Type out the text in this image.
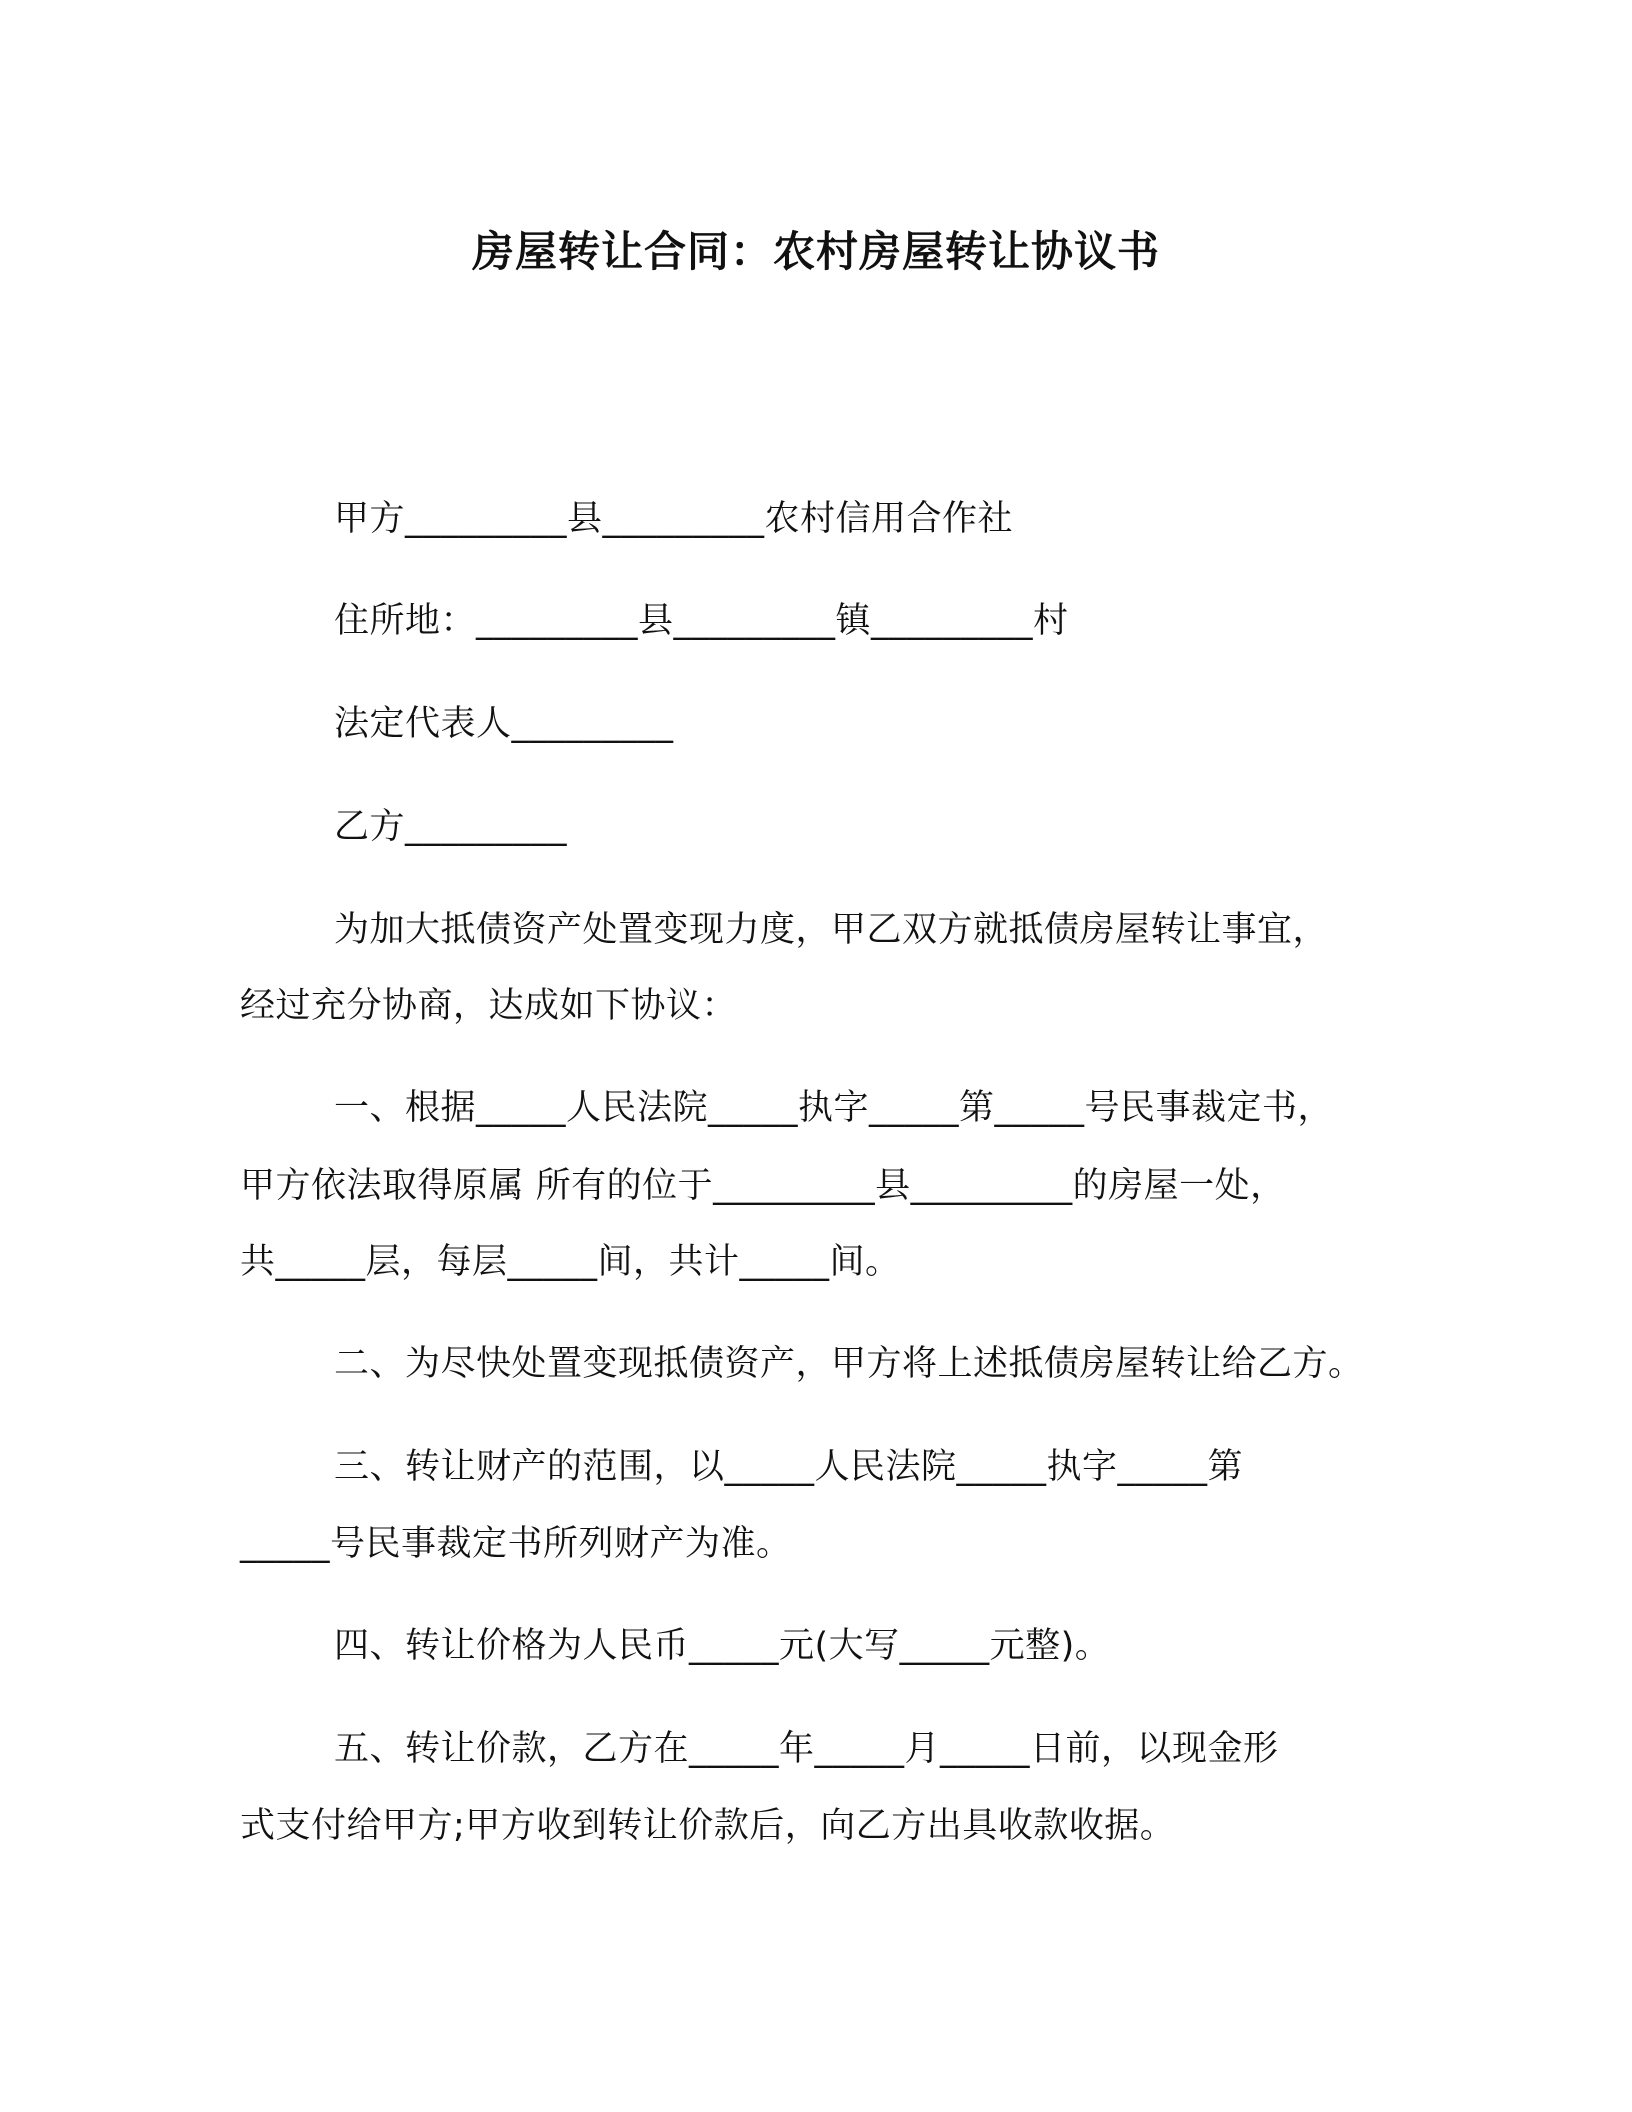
房屋转让合同：农村房屋转让协议书
甲方_________县_________农村信用合作社
住所地：_________县_________镇_________村
法定代表人_________
乙方_________
为加大抵债资产处置变现力度，甲乙双方就抵债房屋转让事宜，
经过充分协商，达成如下协议：
一、根据_____人民法院_____执字_____第_____号民事裁定书，
甲方依法取得原属 所有的位于_________县_________的房屋一处，
共_____层，每层_____间，共计_____间。
二、为尽快处置变现抵债资产，甲方将上述抵债房屋转让给乙方。
三、转让财产的范围，以_____人民法院_____执字_____第
_____号民事裁定书所列财产为准。
四、转让价格为人民币_____元(大写_____元整)。
五、转让价款，乙方在_____年_____月_____日前，以现金形
式支付给甲方;甲方收到转让价款后，向乙方出具收款收据。
